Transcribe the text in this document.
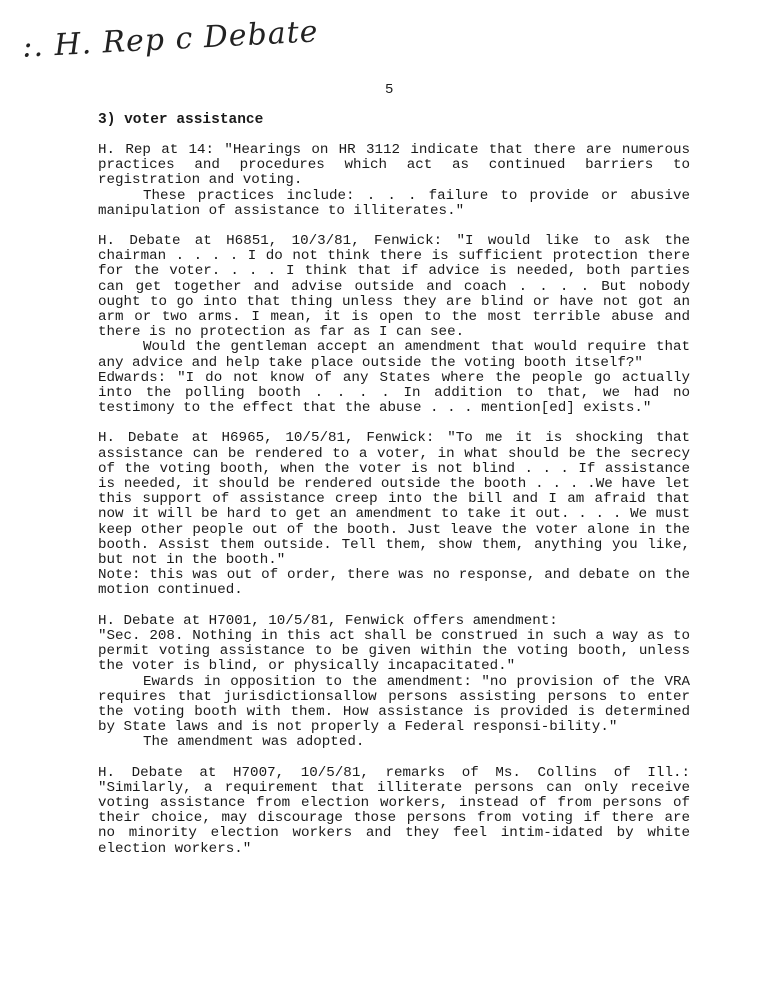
:. H. Rep c Debate
5
3) voter assistance

H. Rep at 14: "Hearings on HR 3112 indicate that there are numerous practices and procedures which act as continued barriers to registration and voting.

These practices include: . . . failure to provide or abusive manipulation of assistance to illiterates."

H. Debate at H6851, 10/3/81, Fenwick: "I would like to ask the chairman . . . . I do not think there is sufficient protection there for the voter. . . . I think that if advice is needed, both parties can get together and advise outside and coach . . . . But nobody ought to go into that thing unless they are blind or have not got an arm or two arms. I mean, it is open to the most terrible abuse and there is no protection as far as I can see.

Would the gentleman accept an amendment that would require that any advice and help take place outside the voting booth itself?"

Edwards: "I do not know of any States where the people go actually into the polling booth . . . . In addition to that, we had no testimony to the effect that the abuse . . . mention[ed] exists."

H. Debate at H6965, 10/5/81, Fenwick: "To me it is shocking that assistance can be rendered to a voter, in what should be the secrecy of the voting booth, when the voter is not blind . . . If assistance is needed, it should be rendered outside the booth . . . .We have let this support of assistance creep into the bill and I am afraid that now it will be hard to get an amendment to take it out. . . . We must keep other people out of the booth. Just leave the voter alone in the booth. Assist them outside. Tell them, show them, anything you like, but not in the booth."

Note: this was out of order, there was no response, and debate on the motion continued.

H. Debate at H7001, 10/5/81, Fenwick offers amendment:

"Sec. 208. Nothing in this act shall be construed in such a way as to permit voting assistance to be given within the voting booth, unless the voter is blind, or physically incapacitated."

Ewards in opposition to the amendment: "no provision of the VRA requires that jurisdictionsallow persons assisting persons to enter the voting booth with them. How assistance is provided is determined by State laws and is not properly a Federal responsi-bility."

The amendment was adopted.

H. Debate at H7007, 10/5/81, remarks of Ms. Collins of Ill.: "Similarly, a requirement that illiterate persons can only receive voting assistance from election workers, instead of from persons of their choice, may discourage those persons from voting if there are no minority election workers and they feel intim-idated by white election workers."
